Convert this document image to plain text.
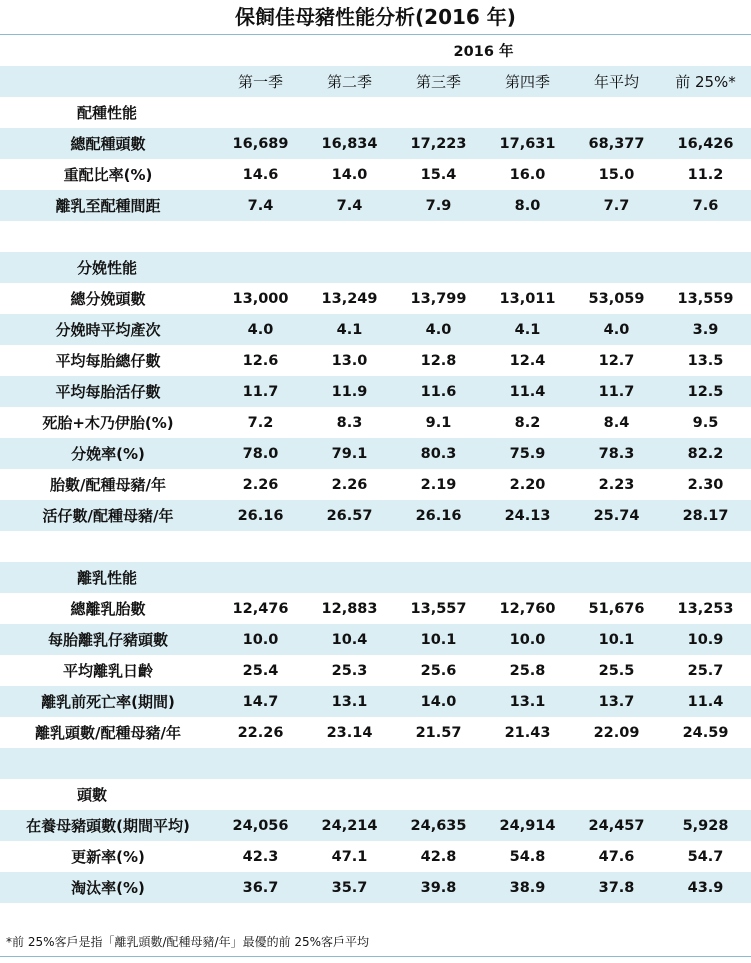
保飼佳母豬性能分析(2016 年)
2016 年
第一季	第二季	第三季	第四季	年平均	前 25%*
配種性能
總配種頭數	16,689	16,834	17,223	17,631	68,377	16,426
重配比率(%)	14.6	14.0	15.4	16.0	15.0	11.2
離乳至配種間距	7.4	7.4	7.9	8.0	7.7	7.6
分娩性能
總分娩頭數	13,000	13,249	13,799	13,011	53,059	13,559
分娩時平均產次	4.0	4.1	4.0	4.1	4.0	3.9
平均每胎總仔數	12.6	13.0	12.8	12.4	12.7	13.5
平均每胎活仔數	11.7	11.9	11.6	11.4	11.7	12.5
死胎+木乃伊胎(%)	7.2	8.3	9.1	8.2	8.4	9.5
分娩率(%)	78.0	79.1	80.3	75.9	78.3	82.2
胎數/配種母豬/年	2.26	2.26	2.19	2.20	2.23	2.30
活仔數/配種母豬/年	26.16	26.57	26.16	24.13	25.74	28.17
離乳性能
總離乳胎數	12,476	12,883	13,557	12,760	51,676	13,253
每胎離乳仔豬頭數	10.0	10.4	10.1	10.0	10.1	10.9
平均離乳日齡	25.4	25.3	25.6	25.8	25.5	25.7
離乳前死亡率(期間)	14.7	13.1	14.0	13.1	13.7	11.4
離乳頭數/配種母豬/年	22.26	23.14	21.57	21.43	22.09	24.59
頭數
在養母豬頭數(期間平均)	24,056	24,214	24,635	24,914	24,457	5,928
更新率(%)	42.3	47.1	42.8	54.8	47.6	54.7
淘汰率(%)	36.7	35.7	39.8	38.9	37.8	43.9
*前 25%客戶是指「離乳頭數/配種母豬/年」最優的前 25%客戶平均
